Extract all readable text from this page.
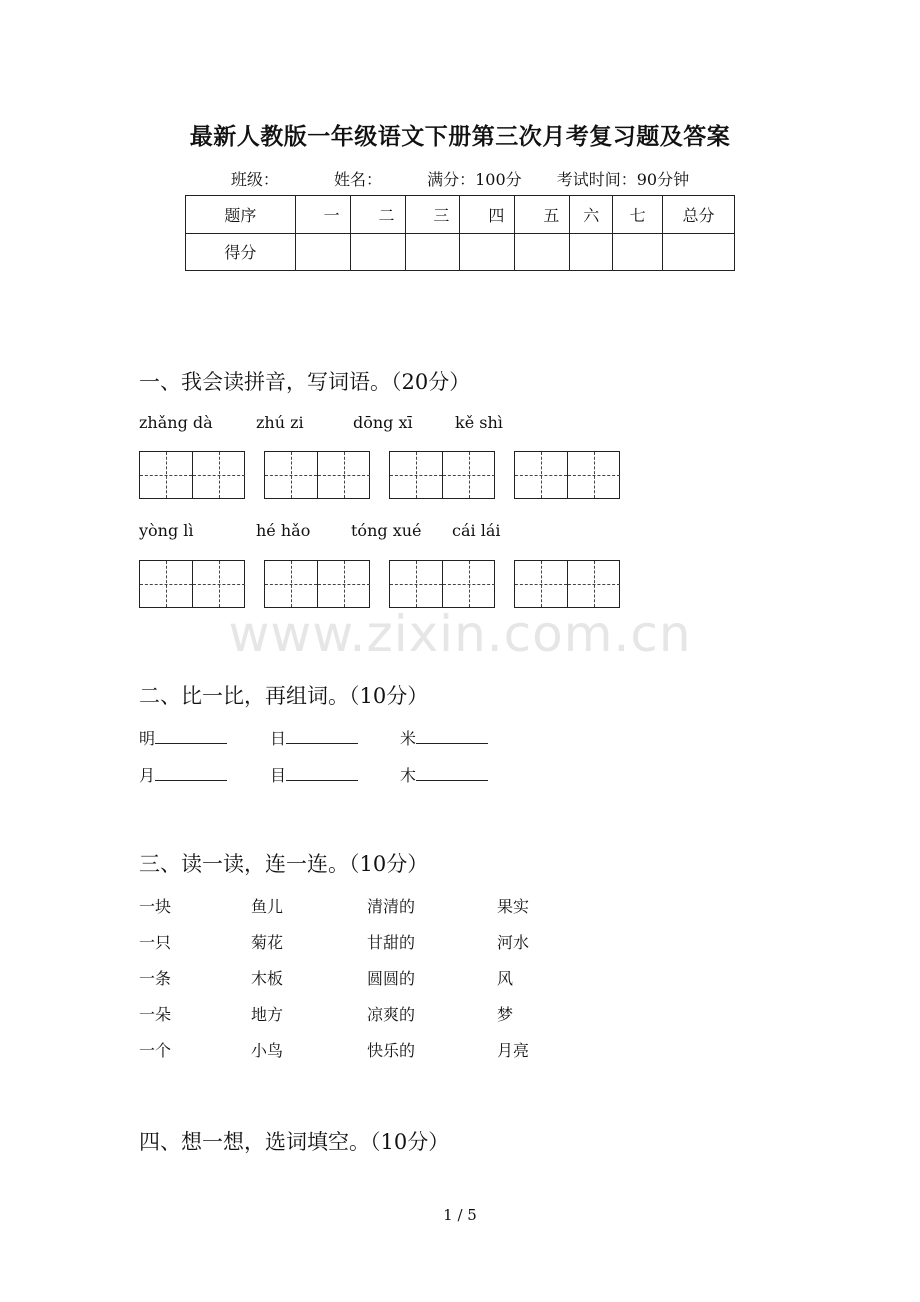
最新人教版一年级语文下册第三次月考复习题及答案
班级：	姓名：	满分：100分 考试时间：90分钟
题序	一	二	三	四	五	六	七	总分
得分								
一、我会读拼音，写词语。（20分）
zhǎng dà	zhú zi	dōng xī	kě shì
yòng lì	hé hǎo	tóng xué cái lái
www.zixin.com.cn
二、比一比，再组词。（10分）
明	日	米
月	目	木
三、读一读，连一连。（10分）
一块	鱼儿	清清的	果实
一只	菊花	甘甜的	河水
一条	木板	圆圆的	风
一朵	地方	凉爽的	梦
一个	小鸟	快乐的	月亮
四、想一想，选词填空。（10分）
1 / 5
